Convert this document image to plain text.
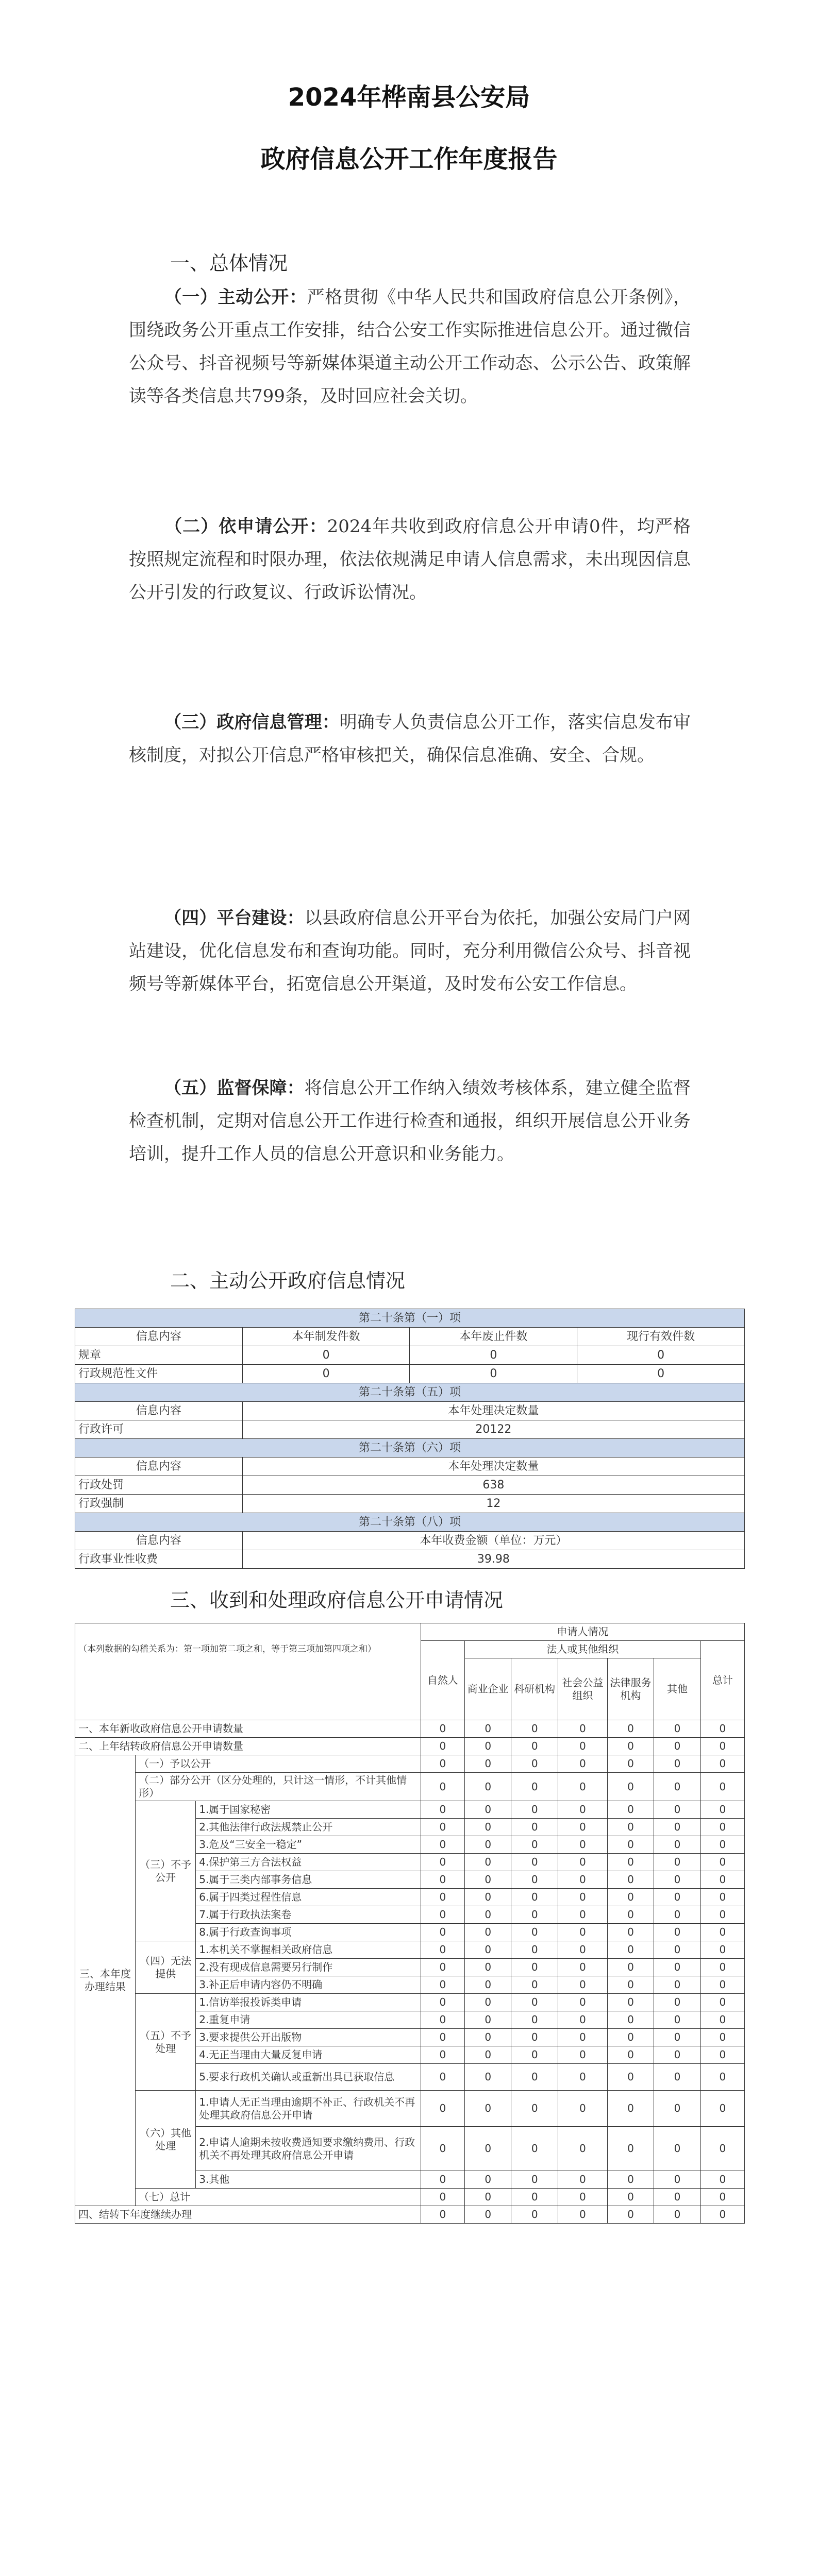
2024年桦南县公安局
政府信息公开工作年度报告
一、总体情况
（一）主动公开：严格贯彻《中华人民共和国政府信息公开条例》，围绕政务公开重点工作安排，结合公安工作实际推进信息公开。通过微信公众号、抖音视频号等新媒体渠道主动公开工作动态、公示公告、政策解读等各类信息共799条，及时回应社会关切。
（二）依申请公开：2024年共收到政府信息公开申请0件，均严格按照规定流程和时限办理，依法依规满足申请人信息需求，未出现因信息公开引发的行政复议、行政诉讼情况。
（三）政府信息管理：明确专人负责信息公开工作，落实信息发布审核制度，对拟公开信息严格审核把关，确保信息准确、安全、合规。
（四）平台建设：以县政府信息公开平台为依托，加强公安局门户网站建设，优化信息发布和查询功能。同时，充分利用微信公众号、抖音视频号等新媒体平台，拓宽信息公开渠道，及时发布公安工作信息。
（五）监督保障：将信息公开工作纳入绩效考核体系，建立健全监督检查机制，定期对信息公开工作进行检查和通报，组织开展信息公开业务培训，提升工作人员的信息公开意识和业务能力。
二、主动公开政府信息情况
第二十条第（一）项			
信息内容	本年制发件数	本年废止件数	现行有效件数
规章	0	0	0
行政规范性文件	0	0	0
第二十条第（五）项			
信息内容	本年处理决定数量		
行政许可	20122		
第二十条第（六）项			
信息内容	本年处理决定数量		
行政处罚	638		
行政强制	12		
第二十条第（八）项			
信息内容	本年收费金额（单位：万元）		
行政事业性收费	39.98		
三、收到和处理政府信息公开申请情况
（本列数据的勾稽关系为：第一项加第二项之和，等于第三项加第四项之和）			申请人情况						
			自然人	法人或其他组织					总计
				商业企业	科研机构	社会公益组织	法律服务机构	其他	
一、本年新收政府信息公开申请数量			0	0	0	0	0	0	0
二、上年结转政府信息公开申请数量			0	0	0	0	0	0	0
三、本年度办理结果	（一）予以公开		0	0	0	0	0	0	0
	（二）部分公开（区分处理的，只计这一情形，不计其他情形）		0	0	0	0	0	0	0
	（三）不予公开	1.属于国家秘密	0	0	0	0	0	0	0
		2.其他法律行政法规禁止公开	0	0	0	0	0	0	0
		3.危及“三安全一稳定”	0	0	0	0	0	0	0
		4.保护第三方合法权益	0	0	0	0	0	0	0
		5.属于三类内部事务信息	0	0	0	0	0	0	0
		6.属于四类过程性信息	0	0	0	0	0	0	0
		7.属于行政执法案卷	0	0	0	0	0	0	0
		8.属于行政查询事项	0	0	0	0	0	0	0
	（四）无法提供	1.本机关不掌握相关政府信息	0	0	0	0	0	0	0
		2.没有现成信息需要另行制作	0	0	0	0	0	0	0
		3.补正后申请内容仍不明确	0	0	0	0	0	0	0
	（五）不予处理	1.信访举报投诉类申请	0	0	0	0	0	0	0
		2.重复申请	0	0	0	0	0	0	0
		3.要求提供公开出版物	0	0	0	0	0	0	0
		4.无正当理由大量反复申请	0	0	0	0	0	0	0
		5.要求行政机关确认或重新出具已获取信息	0	0	0	0	0	0	0
	（六）其他处理	1.申请人无正当理由逾期不补正、行政机关不再处理其政府信息公开申请	0	0	0	0	0	0	0
		2.申请人逾期未按收费通知要求缴纳费用、行政机关不再处理其政府信息公开申请	0	0	0	0	0	0	0
		3.其他	0	0	0	0	0	0	0
	（七）总计		0	0	0	0	0	0	0
四、结转下年度继续办理			0	0	0	0	0	0	0
